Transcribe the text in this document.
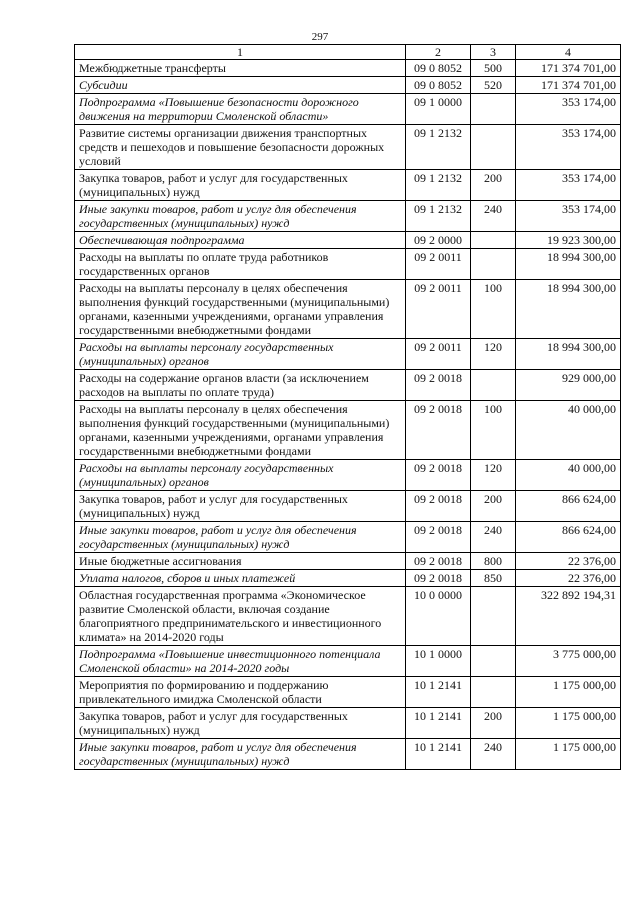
297
1	2	3	4
Межбюджетные трансферты	09 0 8052	500	171 374 701,00
Субсидии	09 0 8052	520	171 374 701,00
Подпрограмма «Повышение безопасности дорожного движения на территории Смоленской области»	09 1 0000		353 174,00
Развитие системы организации движения транспортных средств и пешеходов и повышение безопасности дорожных условий	09 1 2132		353 174,00
Закупка товаров, работ и услуг для государственных (муниципальных) нужд	09 1 2132	200	353 174,00
Иные закупки товаров, работ и услуг для обеспечения государственных (муниципальных) нужд	09 1 2132	240	353 174,00
Обеспечивающая подпрограмма	09 2 0000		19 923 300,00
Расходы на выплаты по оплате труда работников государственных органов	09 2 0011		18 994 300,00
Расходы на выплаты персоналу в целях обеспечения выполнения функций государственными (муниципальными) органами, казенными учреждениями, органами управления государственными внебюджетными фондами	09 2 0011	100	18 994 300,00
Расходы на выплаты персоналу государственных (муниципальных) органов	09 2 0011	120	18 994 300,00
Расходы на содержание органов власти (за исключением расходов на выплаты по оплате труда)	09 2 0018		929 000,00
Расходы на выплаты персоналу в целях обеспечения выполнения функций государственными (муниципальными) органами, казенными учреждениями, органами управления государственными внебюджетными фондами	09 2 0018	100	40 000,00
Расходы на выплаты персоналу государственных (муниципальных) органов	09 2 0018	120	40 000,00
Закупка товаров, работ и услуг для государственных (муниципальных) нужд	09 2 0018	200	866 624,00
Иные закупки товаров, работ и услуг для обеспечения государственных (муниципальных) нужд	09 2 0018	240	866 624,00
Иные бюджетные ассигнования	09 2 0018	800	22 376,00
Уплата налогов, сборов и иных платежей	09 2 0018	850	22 376,00
Областная государственная программа «Экономическое развитие Смоленской области, включая создание благоприятного предпринимательского и инвестиционного климата» на 2014-2020 годы	10 0 0000		322 892 194,31
Подпрограмма «Повышение инвестиционного потенциала Смоленской области» на 2014-2020 годы	10 1 0000		3 775 000,00
Мероприятия по формированию и поддержанию привлекательного имиджа Смоленской области	10 1 2141		1 175 000,00
Закупка товаров, работ и услуг для государственных (муниципальных) нужд	10 1 2141	200	1 175 000,00
Иные закупки товаров, работ и услуг для обеспечения государственных (муниципальных) нужд	10 1 2141	240	1 175 000,00
